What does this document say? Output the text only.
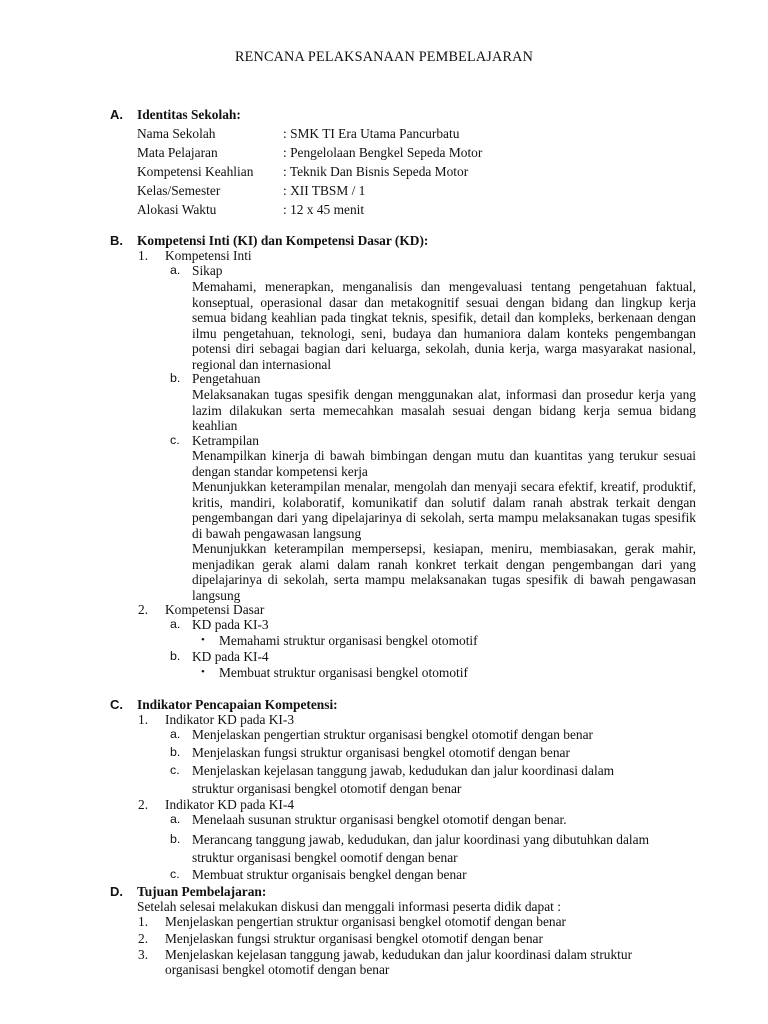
RENCANA PELAKSANAAN PEMBELAJARAN
A. Identitas Sekolah:
Nama Sekolah	: SMK TI Era Utama Pancurbatu
Mata Pelajaran	: Pengelolaan Bengkel Sepeda Motor
Kompetensi Keahlian : Teknik Dan Bisnis Sepeda Motor
Kelas/Semester	: XII TBSM / 1
Alokasi Waktu	: 12 x 45 menit
B. Kompetensi Inti (KI) dan Kompetensi Dasar (KD):
1. Kompetensi Inti
a. Sikap
Memahami, menerapkan, menganalisis dan mengevaluasi tentang pengetahuan faktual, konseptual, operasional dasar dan metakognitif sesuai dengan bidang dan lingkup kerja semua bidang keahlian pada tingkat teknis, spesifik, detail dan kompleks, berkenaan dengan ilmu pengetahuan, teknologi, seni, budaya dan humaniora dalam konteks pengembangan potensi diri sebagai bagian dari keluarga, sekolah, dunia kerja, warga masyarakat nasional, regional dan internasional
b. Pengetahuan
Melaksanakan tugas spesifik dengan menggunakan alat, informasi dan prosedur kerja yang lazim dilakukan serta memecahkan masalah sesuai dengan bidang kerja semua bidang keahlian
c. Ketrampilan
Menampilkan kinerja di bawah bimbingan dengan mutu dan kuantitas yang terukur sesuai dengan standar kompetensi kerja
Menunjukkan keterampilan menalar, mengolah dan menyaji secara efektif, kreatif, produktif, kritis, mandiri, kolaboratif, komunikatif dan solutif dalam ranah abstrak terkait dengan pengembangan dari yang dipelajarinya di sekolah, serta mampu melaksanakan tugas spesifik di bawah pengawasan langsung
Menunjukkan keterampilan mempersepsi, kesiapan, meniru, membiasakan, gerak mahir, menjadikan gerak alami dalam ranah konkret terkait dengan pengembangan dari yang dipelajarinya di sekolah, serta mampu melaksanakan tugas spesifik di bawah pengawasan langsung
2. Kompetensi Dasar
a. KD pada KI-3
• Memahami struktur organisasi bengkel otomotif
b. KD pada KI-4
• Membuat struktur organisasi bengkel otomotif
C. Indikator Pencapaian Kompetensi:
1. Indikator KD pada KI-3
a. Menjelaskan pengertian struktur organisasi bengkel otomotif dengan benar
b. Menjelaskan fungsi struktur organisasi bengkel otomotif dengan benar
c. Menjelaskan kejelasan tanggung jawab, kedudukan dan jalur koordinasi dalam
struktur organisasi bengkel otomotif dengan benar
2. Indikator KD pada KI-4
a. Menelaah susunan struktur organisasi bengkel otomotif dengan benar.
b. Merancang tanggung jawab, kedudukan, dan jalur koordinasi yang dibutuhkan dalam
struktur organisasi bengkel oomotif dengan benar
c. Membuat struktur organisais bengkel dengan benar
D. Tujuan Pembelajaran:
Setelah selesai melakukan diskusi dan menggali informasi peserta didik dapat :
1. Menjelaskan pengertian struktur organisasi bengkel otomotif dengan benar
2. Menjelaskan fungsi struktur organisasi bengkel otomotif dengan benar
3. Menjelaskan kejelasan tanggung jawab, kedudukan dan jalur koordinasi dalam struktur
organisasi bengkel otomotif dengan benar
